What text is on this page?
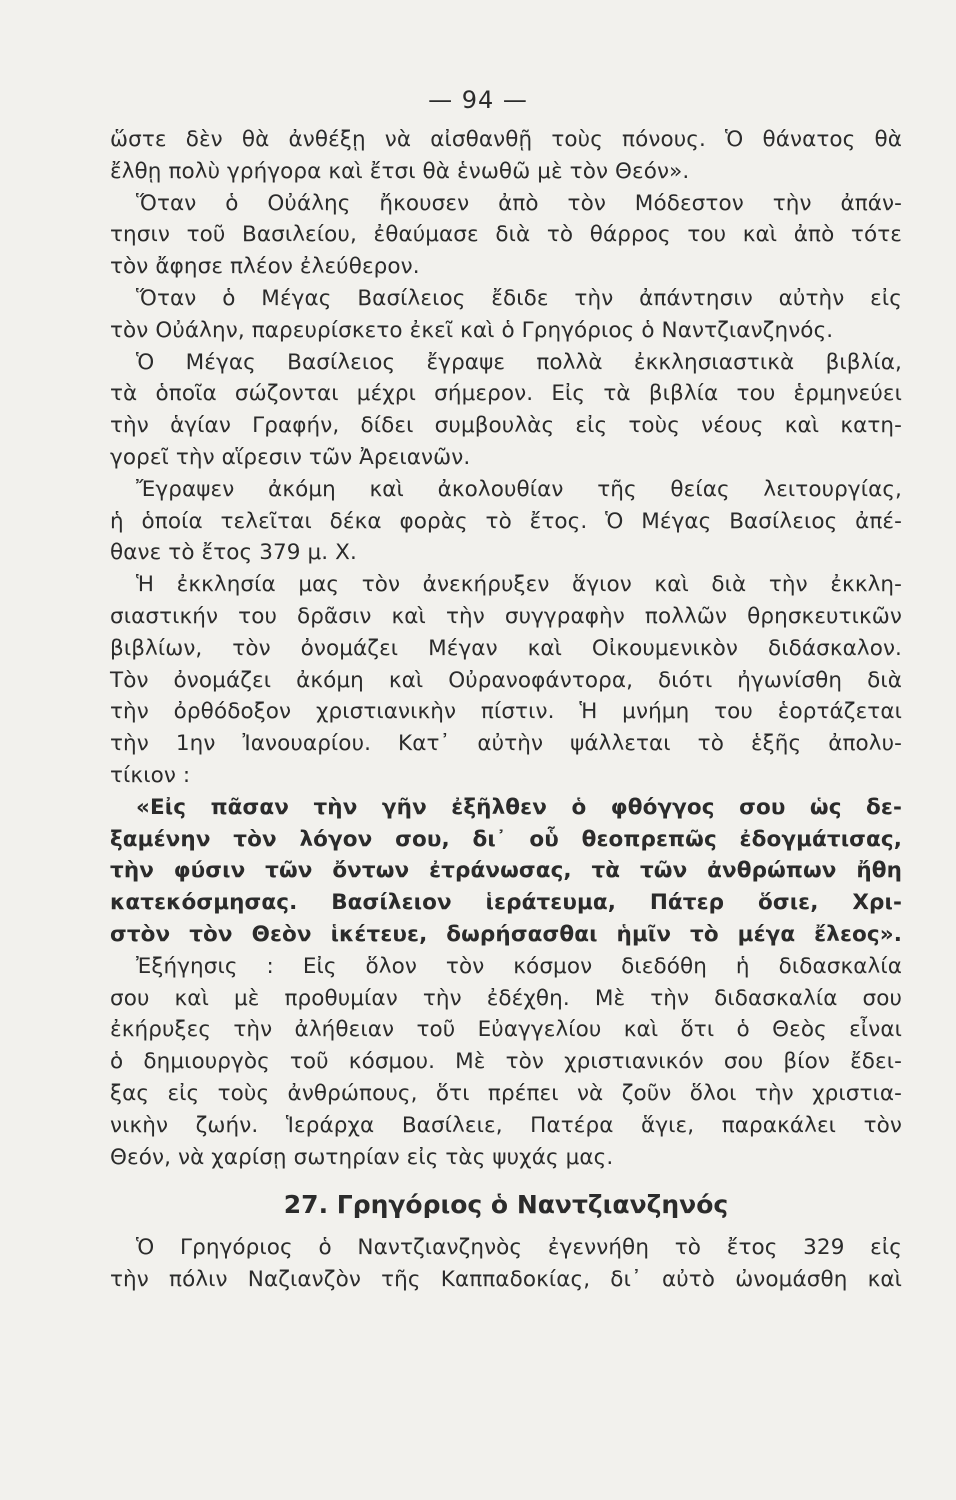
— 94 —
ὥστε δὲν θὰ ἀνθέξῃ νὰ αἰσθανθῇ τοὺς πόνους. Ὁ θάνατος θὰ
ἔλθῃ πολὺ γρήγορα καὶ ἔτσι θὰ ἑνωθῶ μὲ τὸν Θεόν».
Ὅταν ὁ Οὐάλης ἤκουσεν ἀπὸ τὸν Μόδεστον τὴν ἀπάν-
τησιν τοῦ Βασιλείου, ἐθαύμασε διὰ τὸ θάρρος του καὶ ἀπὸ τότε
τὸν ἄφησε πλέον ἐλεύθερον.
Ὅταν ὁ Μέγας Βασίλειος ἔδιδε τὴν ἀπάντησιν αὐτὴν εἰς
τὸν Οὐάλην, παρευρίσκετο ἐκεῖ καὶ ὁ Γρηγόριος ὁ Ναντζιανζηνός.
Ὁ Μέγας Βασίλειος ἔγραψε πολλὰ ἐκκλησιαστικὰ βιβλία,
τὰ ὁποῖα σώζονται μέχρι σήμερον. Εἰς τὰ βιβλία του ἑρμηνεύει
τὴν ἁγίαν Γραφήν, δίδει συμβουλὰς εἰς τοὺς νέους καὶ κατη-
γορεῖ τὴν αἵρεσιν τῶν Ἀρειανῶν.
Ἔγραψεν ἀκόμη καὶ ἀκολουθίαν τῆς θείας λειτουργίας,
ἡ ὁποία τελεῖται δέκα φορὰς τὸ ἔτος. Ὁ Μέγας Βασίλειος ἀπέ-
θανε τὸ ἔτος 379 μ. Χ.
Ἡ ἐκκλησία μας τὸν ἀνεκήρυξεν ἅγιον καὶ διὰ τὴν ἐκκλη-
σιαστικήν του δρᾶσιν καὶ τὴν συγγραφὴν πολλῶν θρησκευτικῶν
βιβλίων, τὸν ὀνομάζει Μέγαν καὶ Οἰκουμενικὸν διδάσκαλον.
Τὸν ὀνομάζει ἀκόμη καὶ Οὐρανοφάντορα, διότι ἠγωνίσθη διὰ
τὴν ὀρθόδοξον χριστιανικὴν πίστιν. Ἡ μνήμη του ἑορτάζεται
τὴν 1ην Ἰανουαρίου. Κατ᾽ αὐτὴν ψάλλεται τὸ ἑξῆς ἀπολυ-
τίκιον :
«Εἰς πᾶσαν τὴν γῆν ἐξῆλθεν ὁ φθόγγος σου ὡς δε-
ξαμένην τὸν λόγον σου, δι᾽ οὗ θεοπρεπῶς ἐδογμάτισας,
τὴν φύσιν τῶν ὄντων ἐτράνωσας, τὰ τῶν ἀνθρώπων ἤθη
κατεκόσμησας. Βασίλειον ἱεράτευμα, Πάτερ ὅσιε, Χρι-
στὸν τὸν Θεὸν ἱκέτευε, δωρήσασθαι ἡμῖν τὸ μέγα ἔλεος».
Ἐξήγησις : Εἰς ὅλον τὸν κόσμον διεδόθη ἡ διδασκαλία
σου καὶ μὲ προθυμίαν τὴν ἐδέχθη. Μὲ τὴν διδασκαλία σου
ἐκήρυξες τὴν ἀλήθειαν τοῦ Εὐαγγελίου καὶ ὅτι ὁ Θεὸς εἶναι
ὁ δημιουργὸς τοῦ κόσμου. Μὲ τὸν χριστιανικόν σου βίον ἔδει-
ξας εἰς τοὺς ἀνθρώπους, ὅτι πρέπει νὰ ζοῦν ὅλοι τὴν χριστια-
νικὴν ζωήν. Ἱεράρχα Βασίλειε, Πατέρα ἅγιε, παρακάλει τὸν
Θεόν, νὰ χαρίσῃ σωτηρίαν εἰς τὰς ψυχάς μας.
27. Γρηγόριος ὁ Ναντζιανζηνός
Ὁ Γρηγόριος ὁ Ναντζιανζηνὸς ἐγεννήθη τὸ ἔτος 329 εἰς
τὴν πόλιν Ναζιανζὸν τῆς Καππαδοκίας, δι᾽ αὐτὸ ὠνομάσθη καὶ
